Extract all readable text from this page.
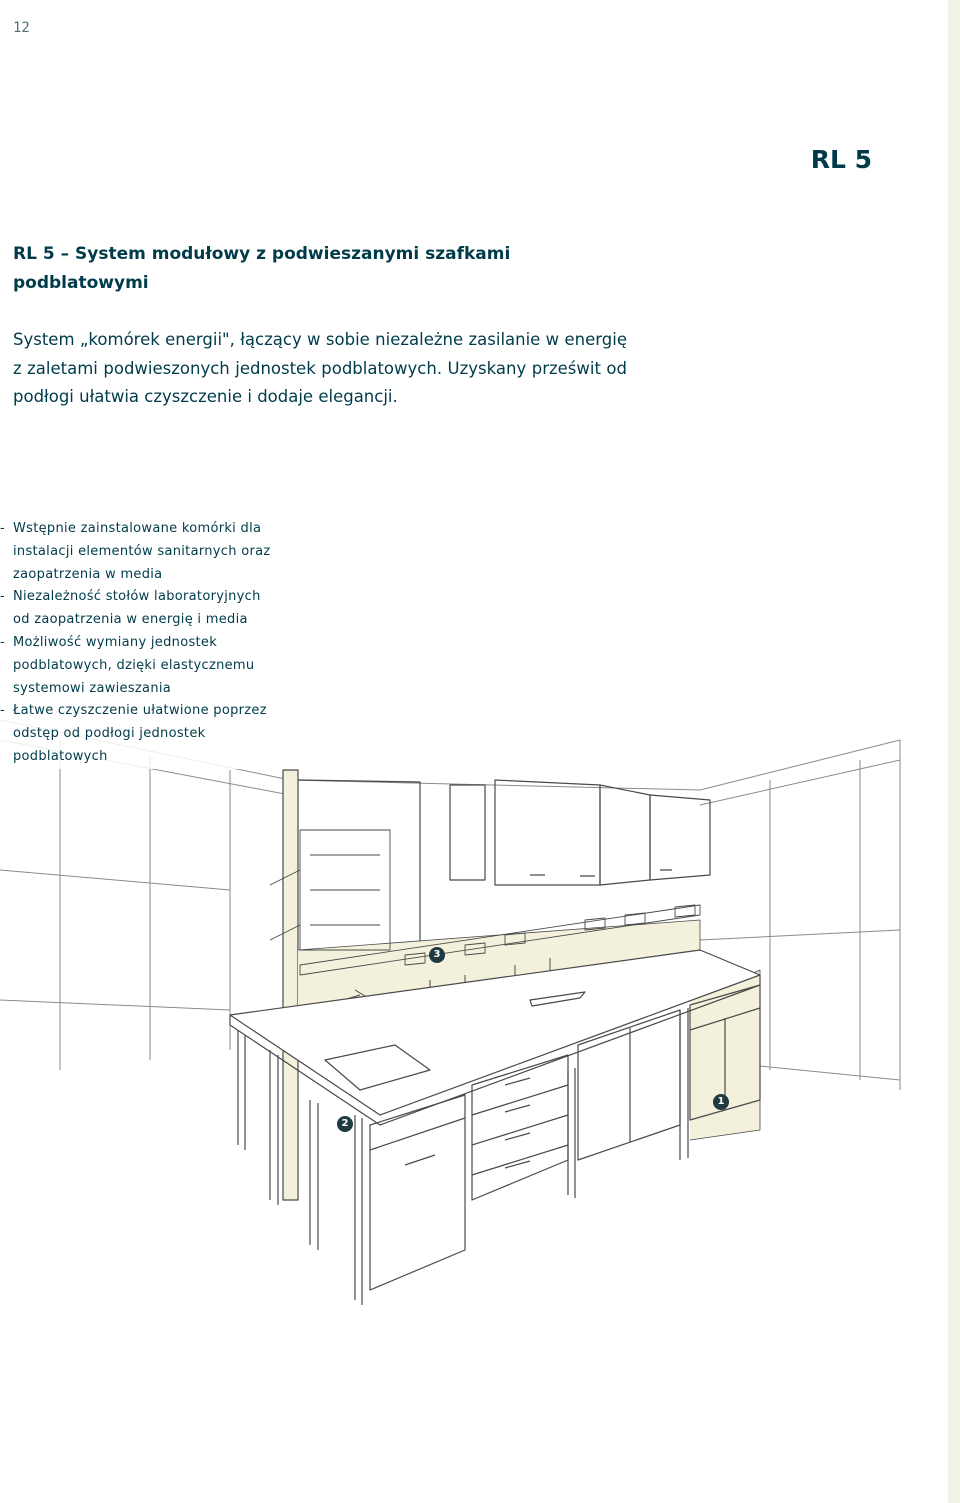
12
RL 5
RL 5 – System modułowy z podwieszanymi szafkami podblatowymi

System „komórek energii", łączący w sobie niezależne zasilanie w energię z zaletami podwieszonych jednostek podblatowych. Uzyskany prześwit od podłogi ułatwia czyszczenie i dodaje elegancji.

3
2
1
- Wstępnie zainstalowane komórki dla instalacji elementów sanitarnych oraz zaopatrzenia w media
- Niezależność stołów laboratoryjnych od zaopatrzenia w energię i media
- Możliwość wymiany jednostek podblatowych, dzięki elastycznemu systemowi zawieszania
- Łatwe czyszczenie ułatwione poprzez odstęp od podłogi jednostek podblatowych
